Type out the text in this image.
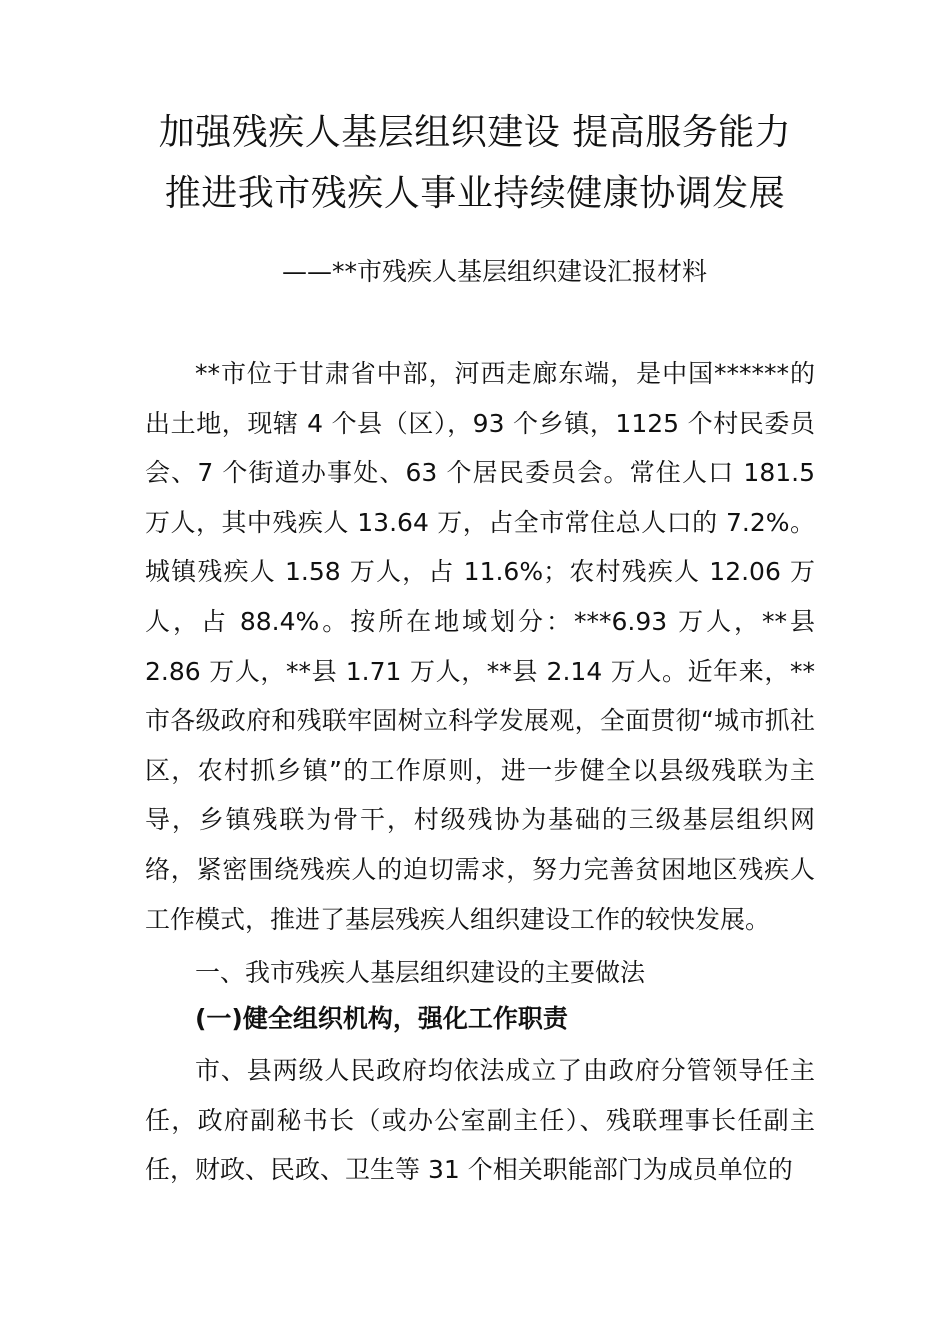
加强残疾人基层组织建设 提高服务能力
推进我市残疾人事业持续健康协调发展
——**市残疾人基层组织建设汇报材料

**市位于甘肃省中部，河西走廊东端，是中国******的出土地，现辖 4 个县（区），93 个乡镇，1125 个村民委员会、7 个街道办事处、63 个居民委员会。常住人口 181.5 万人，其中残疾人 13.64 万，占全市常住总人口的 7.2%。城镇残疾人 1.58 万人，占 11.6%；农村残疾人 12.06 万人，占 88.4%。按所在地域划分：***6.93 万人，**县 2.86 万人，**县 1.71 万人，**县 2.14 万人。近年来，**市各级政府和残联牢固树立科学发展观，全面贯彻“城市抓社区，农村抓乡镇”的工作原则，进一步健全以县级残联为主导，乡镇残联为骨干，村级残协为基础的三级基层组织网络，紧密围绕残疾人的迫切需求，努力完善贫困地区残疾人工作模式，推进了基层残疾人组织建设工作的较快发展。

一、我市残疾人基层组织建设的主要做法
(一)健全组织机构，强化工作职责

市、县两级人民政府均依法成立了由政府分管领导任主任，政府副秘书长（或办公室副主任）、残联理事长任副主任，财政、民政、卫生等 31 个相关职能部门为成员单位的
